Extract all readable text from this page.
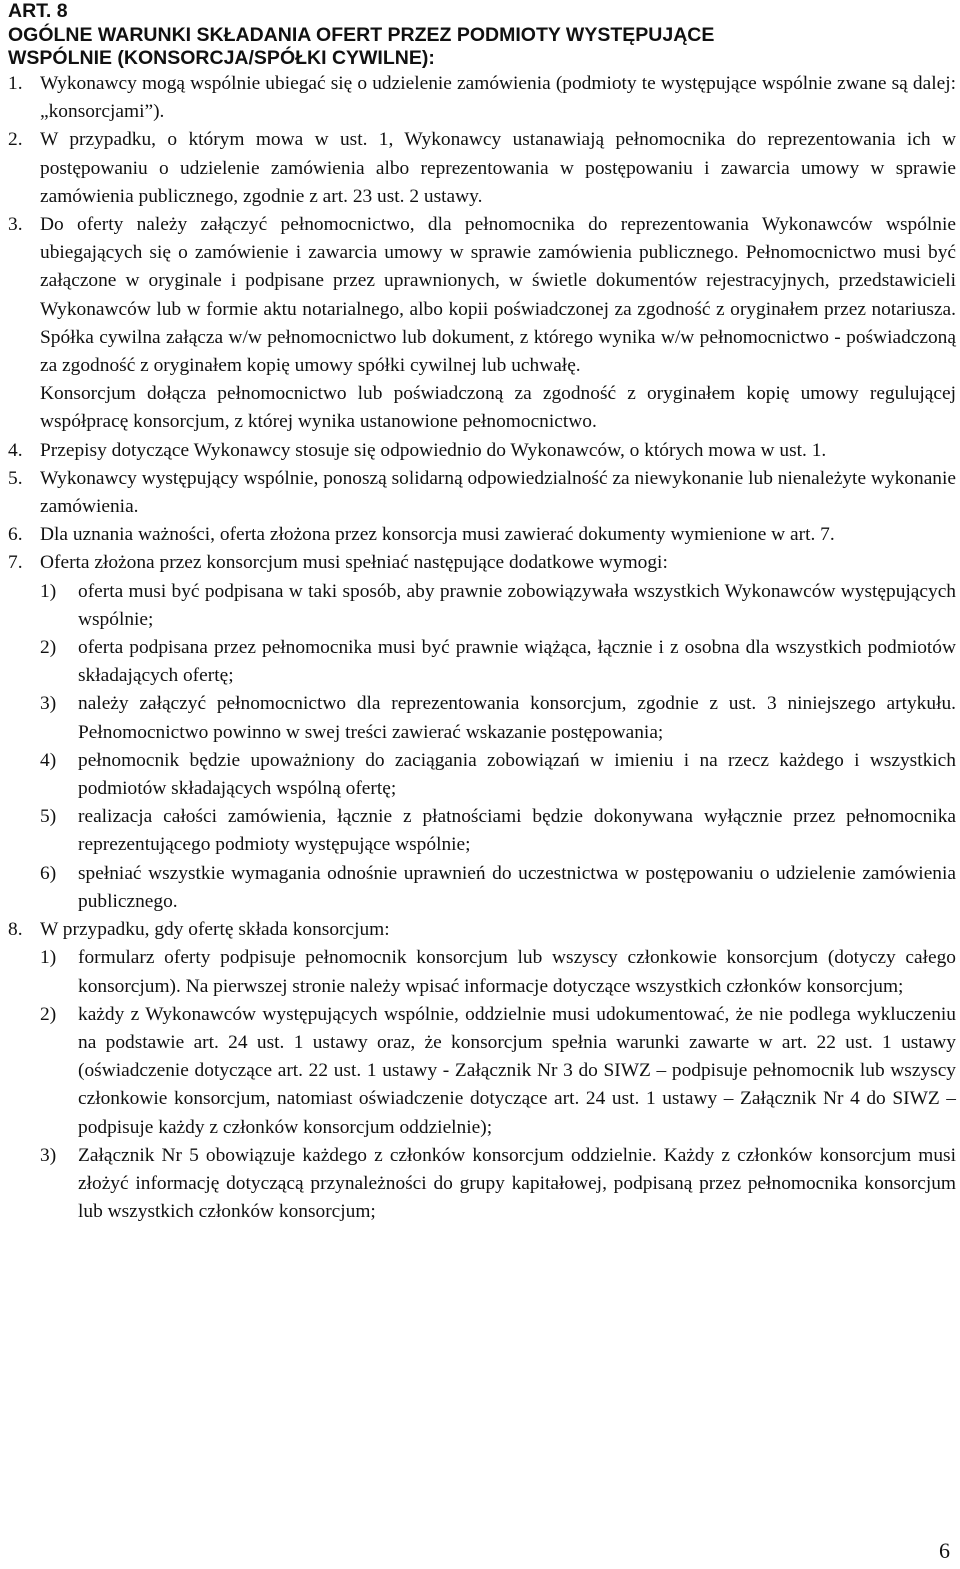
ART. 8
OGÓLNE WARUNKI SKŁADANIA OFERT PRZEZ PODMIOTY WYSTĘPUJĄCE
WSPÓLNIE (KONSORCJA/SPÓŁKI CYWILNE):
1. Wykonawcy mogą wspólnie ubiegać się o udzielenie zamówienia (podmioty te występujące wspólnie zwane są dalej: „konsorcjami”).
2. W przypadku, o którym mowa w ust. 1, Wykonawcy ustanawiają pełnomocnika do reprezentowania ich w postępowaniu o udzielenie zamówienia albo reprezentowania w postępowaniu i zawarcia umowy w sprawie zamówienia publicznego, zgodnie z art. 23 ust. 2 ustawy.
3. Do oferty należy załączyć pełnomocnictwo, dla pełnomocnika do reprezentowania Wykonawców wspólnie ubiegających się o zamówienie i zawarcia umowy w sprawie zamówienia publicznego. Pełnomocnictwo musi być załączone w oryginale i podpisane przez uprawnionych, w świetle dokumentów rejestracyjnych, przedstawicieli Wykonawców lub w formie aktu notarialnego, albo kopii poświadczonej za zgodność z oryginałem przez notariusza. Spółka cywilna załącza w/w pełnomocnictwo lub dokument, z którego wynika w/w pełnomocnictwo - poświadczoną za zgodność z oryginałem kopię umowy spółki cywilnej lub uchwałę.
Konsorcjum dołącza pełnomocnictwo lub poświadczoną za zgodność z oryginałem kopię umowy regulującej współpracę konsorcjum, z której wynika ustanowione pełnomocnictwo.
4. Przepisy dotyczące Wykonawcy stosuje się odpowiednio do Wykonawców, o których mowa w ust. 1.
5. Wykonawcy występujący wspólnie, ponoszą solidarną odpowiedzialność za niewykonanie lub nienależyte wykonanie zamówienia.
6. Dla uznania ważności, oferta złożona przez konsorcja musi zawierać dokumenty wymienione w art. 7.
7. Oferta złożona przez konsorcjum musi spełniać następujące dodatkowe wymogi:
1) oferta musi być podpisana w taki sposób, aby prawnie zobowiązywała wszystkich Wykonawców występujących wspólnie;
2) oferta podpisana przez pełnomocnika musi być prawnie wiążąca, łącznie i z osobna dla wszystkich podmiotów składających ofertę;
3) należy załączyć pełnomocnictwo dla reprezentowania konsorcjum, zgodnie z ust. 3 niniejszego artykułu. Pełnomocnictwo powinno w swej treści zawierać wskazanie postępowania;
4) pełnomocnik będzie upoważniony do zaciągania zobowiązań w imieniu i na rzecz każdego i wszystkich podmiotów składających wspólną ofertę;
5) realizacja całości zamówienia, łącznie z płatnościami będzie dokonywana wyłącznie przez pełnomocnika reprezentującego podmioty występujące wspólnie;
6) spełniać wszystkie wymagania odnośnie uprawnień do uczestnictwa w postępowaniu o udzielenie zamówienia publicznego.
8. W przypadku, gdy ofertę składa konsorcjum:
1) formularz oferty podpisuje pełnomocnik konsorcjum lub wszyscy członkowie konsorcjum (dotyczy całego konsorcjum). Na pierwszej stronie należy wpisać informacje dotyczące wszystkich członków konsorcjum;
2) każdy z Wykonawców występujących wspólnie, oddzielnie musi udokumentować, że nie podlega wykluczeniu na podstawie art. 24 ust. 1 ustawy oraz, że konsorcjum spełnia warunki zawarte w art. 22 ust. 1 ustawy (oświadczenie dotyczące art. 22 ust. 1 ustawy - Załącznik Nr 3 do SIWZ – podpisuje pełnomocnik lub wszyscy członkowie konsorcjum, natomiast oświadczenie dotyczące art. 24 ust. 1 ustawy – Załącznik Nr 4 do SIWZ – podpisuje każdy z członków konsorcjum oddzielnie);
3) Załącznik Nr 5 obowiązuje każdego z członków konsorcjum oddzielnie. Każdy z członków konsorcjum musi złożyć informację dotyczącą przynależności do grupy kapitałowej, podpisaną przez pełnomocnika konsorcjum lub wszystkich członków konsorcjum;
6
